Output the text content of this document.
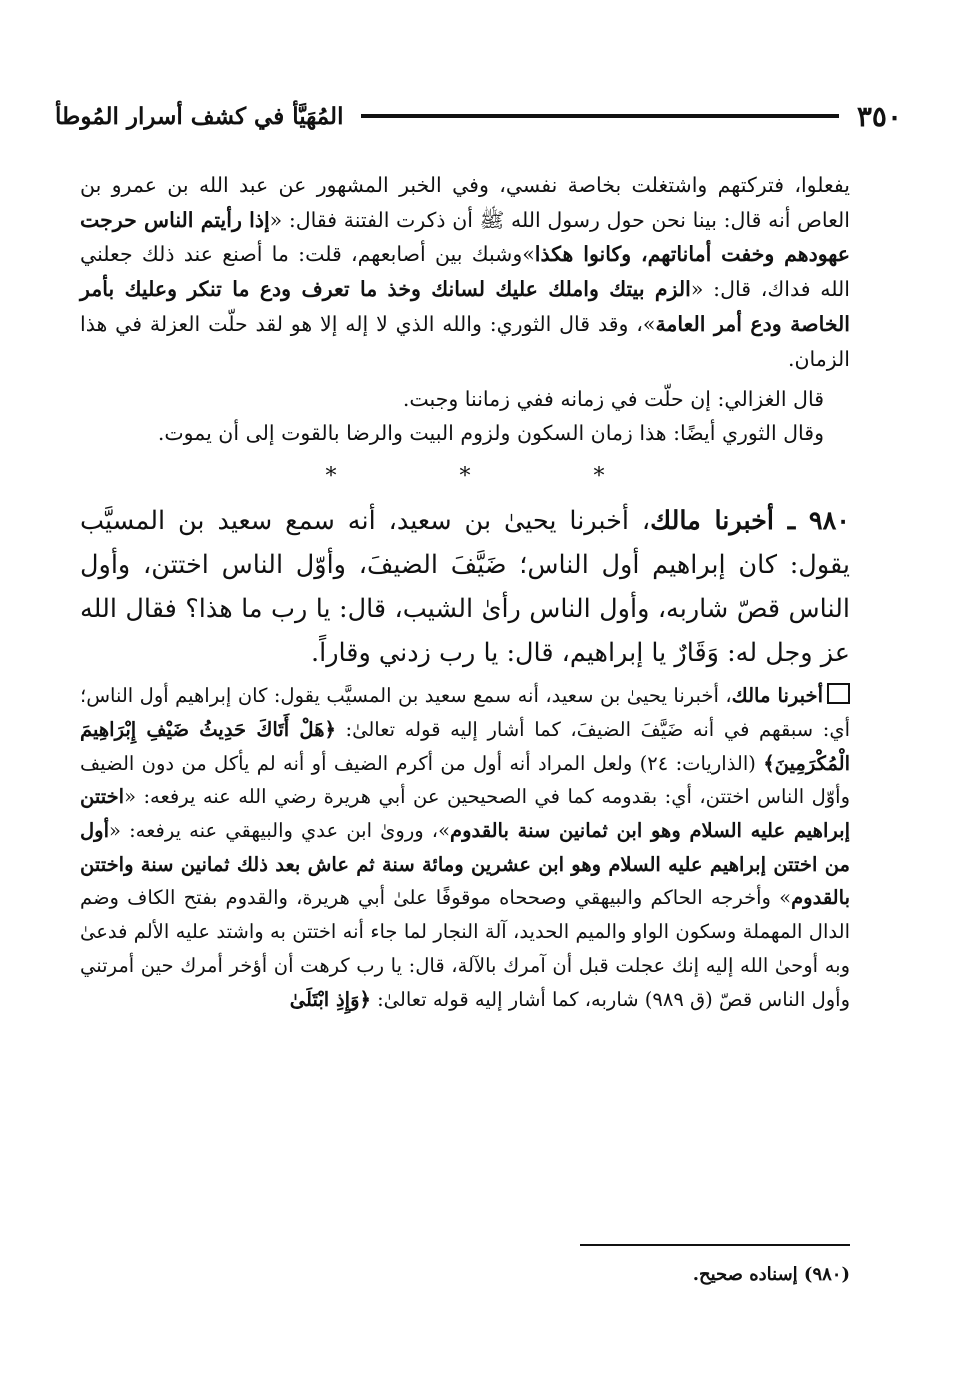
٣٥٠
المُهَيَّأ في كشف أسرار المُوطأ

يفعلوا، فتركتهم واشتغلت بخاصة نفسي، وفي الخبر المشهور عن عبد الله بن عمرو بن العاص أنه قال: بينا نحن حول رسول الله ﷺ أن ذكرت الفتنة فقال: «إذا رأيتم الناس حرجت عهودهم وخفت أماناتهم، وكانوا هكذا»وشبك بين أصابعهم، قلت: ما أصنع عند ذلك جعلني الله فداك، قال: «الزم بيتك واملك عليك لسانك وخذ ما تعرف ودع ما تنكر وعليك بأمر الخاصة ودع أمر العامة»، وقد قال الثوري: والله الذي لا إله إلا هو لقد حلّت العزلة في هذا الزمان.

قال الغزالي: إن حلّت في زمانه ففي زماننا وجبت.

وقال الثوري أيضًا: هذا زمان السكون ولزوم البيت والرضا بالقوت إلى أن يموت.

* * *

٩٨٠ ـ أخبرنا مالك، أخبرنا يحيىٰ بن سعيد، أنه سمع سعيد بن المسيَّب يقول: كان إبراهيم أول الناس؛ ضَيَّفَ الضيفَ، وأوّل الناس اختتن، وأول الناس قصّ شاربه، وأول الناس رأىٰ الشيب، قال: يا رب ما هذا؟ فقال الله عز وجل له: وَقَارٌ يا إبراهيم، قال: يا رب زدني وقاراً.

أخبرنا مالك، أخبرنا يحيىٰ بن سعيد، أنه سمع سعيد بن المسيَّب يقول: كان إبراهيم أول الناس؛ أي: سبقهم في أنه ضَيَّفَ الضيفَ، كما أشار إليه قوله تعالىٰ: ﴿هَلْ أَتَاكَ حَدِيثُ ضَيْفِ إِبْرَاهِيمَ الْمُكْرَمِينَ﴾ (الذاريات: ٢٤) ولعل المراد أنه أول من أكرم الضيف أو أنه لم يأكل من دون الضيف وأوّل الناس اختتن، أي: بقدومه كما في الصحيحين عن أبي هريرة رضي الله عنه يرفعه: «اختتن إبراهيم عليه السلام وهو ابن ثمانين سنة بالقدوم»، وروىٰ ابن عدي والبيهقي عنه يرفعه: «أول من اختتن إبراهيم عليه السلام وهو ابن عشرين ومائة سنة ثم عاش بعد ذلك ثمانين سنة واختتن بالقدوم» وأخرجه الحاكم والبيهقي وصححاه موقوفًا علىٰ أبي هريرة، والقدوم بفتح الكاف وضم الدال المهملة وسكون الواو والميم الحديد، آلة النجار لما جاء أنه اختتن به واشتد عليه الألم فدعىٰ وبه أوحىٰ الله إليه إنك عجلت قبل أن آمرك بالآلة، قال: يا رب كرهت أن أؤخر أمرك حين أمرتني وأول الناس قصّ (ق ٩٨٩) شاربه، كما أشار إليه قوله تعالىٰ: ﴿وَإِذِ ابْتَلَىٰ

(٩٨٠) إسناده صحيح.
